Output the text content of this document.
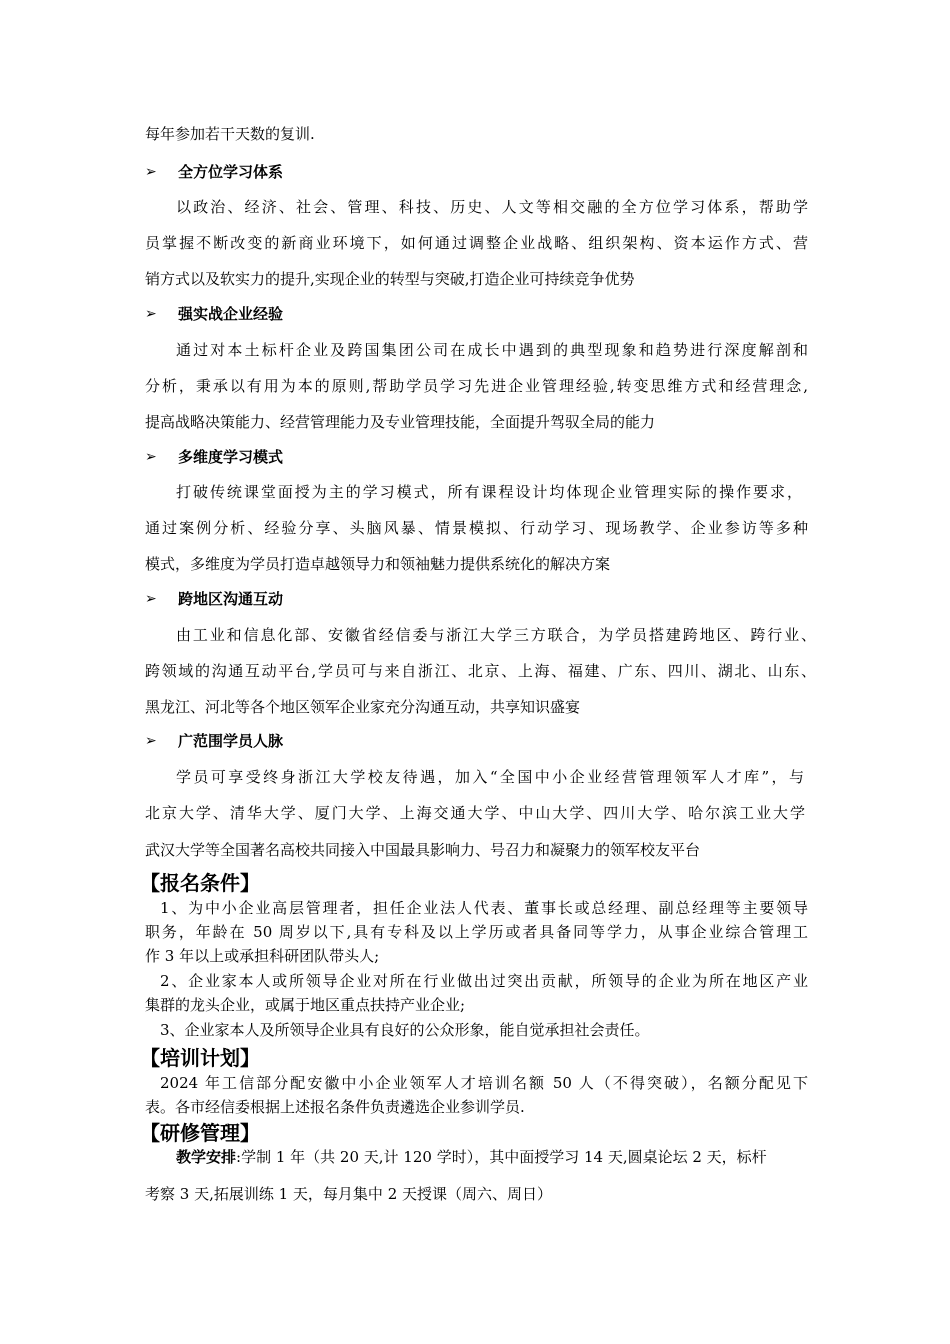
每年参加若干天数的复训.
➢ 全方位学习体系
以政治、经济、社会、管理、科技、历史、人文等相交融的全方位学习体系，帮助学
员掌握不断改变的新商业环境下，如何通过调整企业战略、组织架构、资本运作方式、营
销方式以及软实力的提升,实现企业的转型与突破,打造企业可持续竞争优势
➢ 强实战企业经验
通过对本土标杆企业及跨国集团公司在成长中遇到的典型现象和趋势进行深度解剖和
分析，秉承以有用为本的原则,帮助学员学习先进企业管理经验,转变思维方式和经营理念,
提高战略决策能力、经营管理能力及专业管理技能，全面提升驾驭全局的能力
➢ 多维度学习模式
打破传统课堂面授为主的学习模式，所有课程设计均体现企业管理实际的操作要求，
通过案例分析、经验分享、头脑风暴、情景模拟、行动学习、现场教学、企业参访等多种
模式，多维度为学员打造卓越领导力和领袖魅力提供系统化的解决方案
➢ 跨地区沟通互动
由工业和信息化部、安徽省经信委与浙江大学三方联合，为学员搭建跨地区、跨行业、
跨领域的沟通互动平台,学员可与来自浙江、北京、上海、福建、广东、四川、湖北、山东、
黑龙江、河北等各个地区领军企业家充分沟通互动，共享知识盛宴
➢ 广范围学员人脉
学员可享受终身浙江大学校友待遇，加入“全国中小企业经营管理领军人才库”，与
北京大学、清华大学、厦门大学、上海交通大学、中山大学、四川大学、哈尔滨工业大学
武汉大学等全国著名高校共同接入中国最具影响力、号召力和凝聚力的领军校友平台
【报名条件】
1、为中小企业高层管理者，担任企业法人代表、董事长或总经理、副总经理等主要领导
职务，年龄在 50 周岁以下,具有专科及以上学历或者具备同等学力，从事企业综合管理工
作 3 年以上或承担科研团队带头人;
2、企业家本人或所领导企业对所在行业做出过突出贡献，所领导的企业为所在地区产业
集群的龙头企业，或属于地区重点扶持产业企业;
3、企业家本人及所领导企业具有良好的公众形象，能自觉承担社会责任。
【培训计划】
2024 年工信部分配安徽中小企业领军人才培训名额 50 人（不得突破），名额分配见下
表。各市经信委根据上述报名条件负责遴选企业参训学员.
【研修管理】
教学安排:学制 1 年（共 20 天,计 120 学时），其中面授学习 14 天,圆桌论坛 2 天，标杆
考察 3 天,拓展训练 1 天，每月集中 2 天授课（周六、周日）
